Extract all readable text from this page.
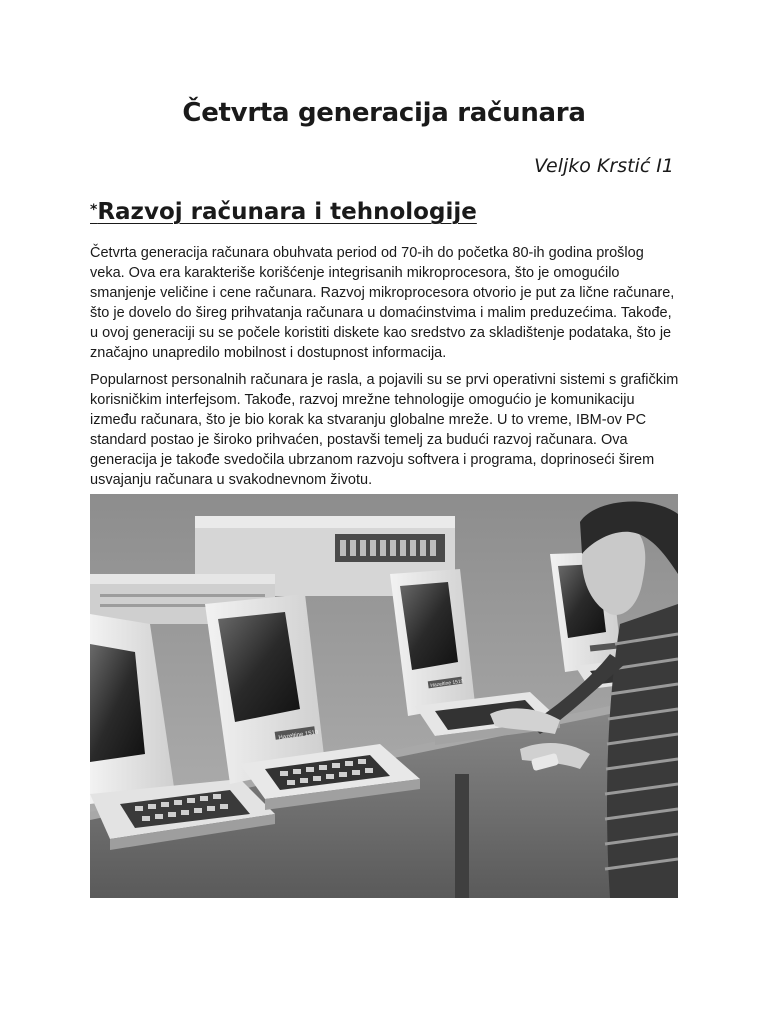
Četvrta generacija računara
Veljko Krstić I1
*Razvoj računara i tehnologije

Četvrta generacija računara obuhvata period od 70-ih do početka 80-ih godina prošlog veka. Ova era karakteriše korišćenje integrisanih mikroprocesora, što je omogućilo smanjenje veličine i cene računara. Razvoj mikroprocesora otvorio je put za lične računare, što je dovelo do šireg prihvatanja računara u domaćinstvima i malim preduzećima. Takođe, u ovoj generaciji su se počele koristiti diskete kao sredstvo za skladištenje podataka, što je značajno unapredilo mobilnost i dostupnost informacija.

Popularnost personalnih računara je rasla, a pojavili su se prvi operativni sistemi s grafičkim korisničkim interfejsom. Takođe, razvoj mrežne tehnologije omogućio je komunikaciju između računara, što je bio korak ka stvaranju globalne mreže. U to vreme, IBM-ov PC standard postao je široko prihvaćen, postavši temelj za budući razvoj računara. Ova generacija je takođe svedočila ubrzanom razvoju softvera i programa, doprinoseći širem usvajanju računara u svakodnevnom životu.

Hazeltine 1510
Hazeltine 1510
